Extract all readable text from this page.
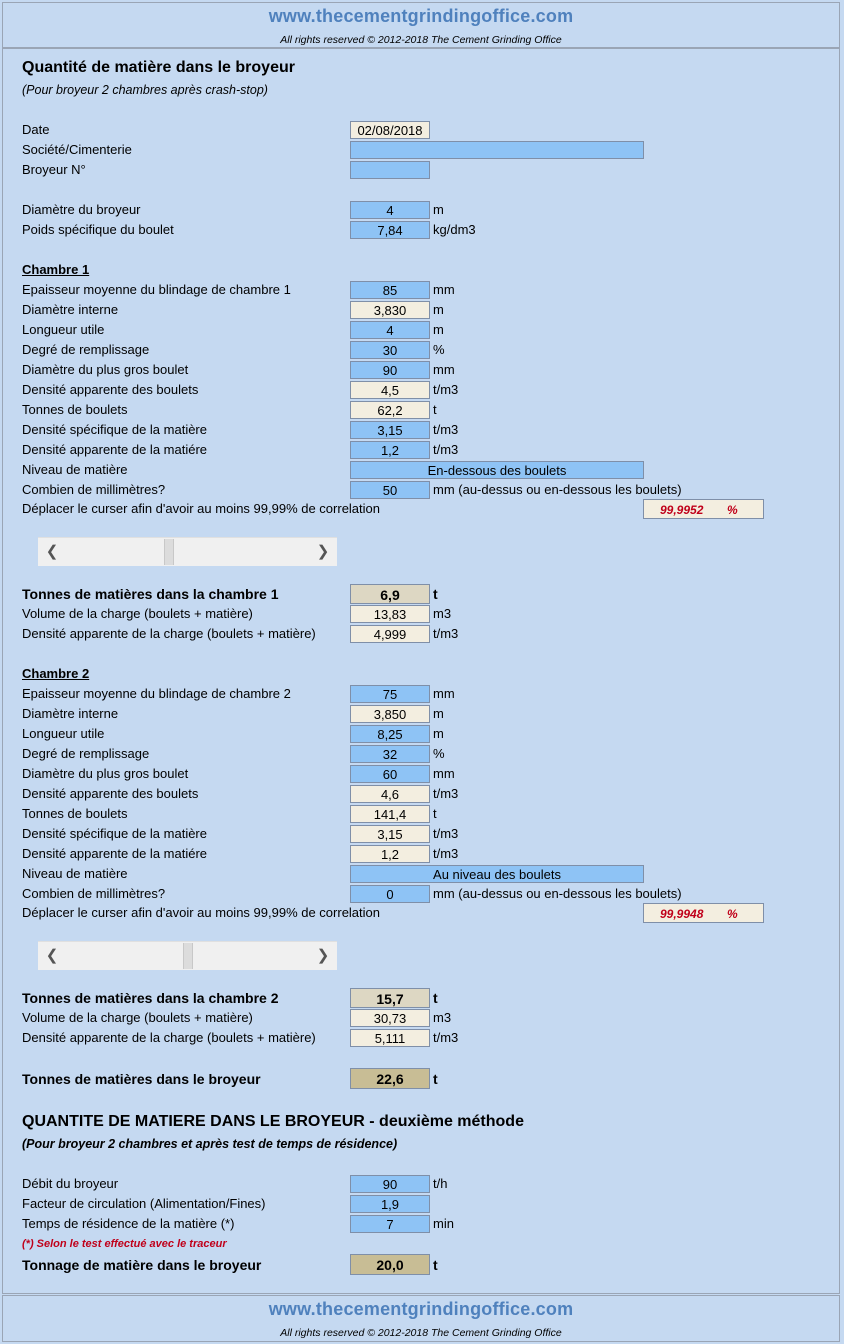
www.thecementgrindingoffice.com
All rights reserved © 2012-2018 The Cement Grinding Office
Quantité de matière dans le broyeur
(Pour broyeur 2 chambres après crash-stop)
Date	02/08/2018
Société/Cimenterie
Broyeur N°
Diamètre du broyeur	4	m
Poids spécifique du boulet	7,84	kg/dm3
Chambre 1
Epaisseur moyenne du blindage de chambre 1	85	mm
Diamètre interne	3,830	m
Longueur utile	4	m
Degré de remplissage	30	%
Diamètre du plus gros boulet	90	mm
Densité apparente des boulets	4,5	t/m3
Tonnes de boulets	62,2	t
Densité spécifique de la matière	3,15	t/m3
Densité apparente de la matiére	1,2	t/m3
Niveau de matière	En-dessous des boulets
Combien de millimètres?	50	mm (au-dessus ou en-dessous les boulets)
Déplacer le curser afin d'avoir au moins 99,99% de correlation	99,9952 %
❮	❯
Tonnes de matières dans la chambre 1	6,9	t
Volume de la charge (boulets + matière)	13,83	m3
Densité apparente de la charge (boulets + matière)	4,999	t/m3
Chambre 2
Epaisseur moyenne du blindage de chambre 2	75	mm
Diamètre interne	3,850	m
Longueur utile	8,25	m
Degré de remplissage	32	%
Diamètre du plus gros boulet	60	mm
Densité apparente des boulets	4,6	t/m3
Tonnes de boulets	141,4	t
Densité spécifique de la matière	3,15	t/m3
Densité apparente de la matiére	1,2	t/m3
Niveau de matière	Au niveau des boulets
Combien de millimètres?	0	mm (au-dessus ou en-dessous les boulets)
Déplacer le curser afin d'avoir au moins 99,99% de correlation	99,9948 %
❮	❯
Tonnes de matières dans la chambre 2	15,7	t
Volume de la charge (boulets + matière)	30,73	m3
Densité apparente de la charge (boulets + matière)	5,111	t/m3
Tonnes de matières dans le broyeur	22,6	t
QUANTITE DE MATIERE DANS LE BROYEUR - deuxième méthode
(Pour broyeur 2 chambres et après test de temps de résidence)
Débit du broyeur	90	t/h
Facteur de circulation (Alimentation/Fines)	1,9
Temps de résidence de la matière (*)	7	min
(*) Selon le test effectué avec le traceur
Tonnage de matière dans le broyeur	20,0	t
www.thecementgrindingoffice.com
All rights reserved © 2012-2018 The Cement Grinding Office
